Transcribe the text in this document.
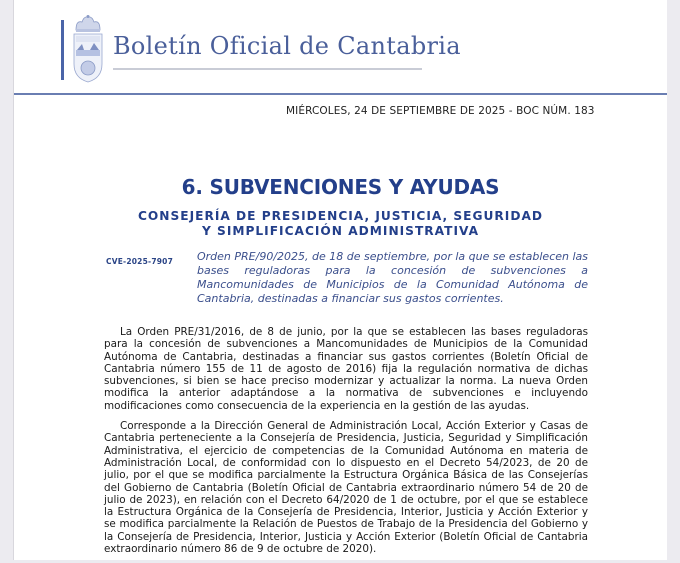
Boletín Oficial de Cantabria
MIÉRCOLES, 24 DE SEPTIEMBRE DE 2025 - BOC NÚM. 183
6. SUBVENCIONES Y AYUDAS
CONSEJERÍA DE PRESIDENCIA, JUSTICIA, SEGURIDAD
Y SIMPLIFICACIÓN ADMINISTRATIVA
CVE-2025-7907 Orden PRE/90/2025, de 18 de septiembre, por la que se establecen las bases reguladoras para la concesión de subvenciones a Mancomunidades de Municipios de la Comunidad Autónoma de Cantabria, destinadas a financiar sus gastos corrientes.

La Orden PRE/31/2016, de 8 de junio, por la que se establecen las bases reguladoras para la concesión de subvenciones a Mancomunidades de Municipios de la Comunidad Autónoma de Cantabria, destinadas a financiar sus gastos corrientes (Boletín Oficial de Cantabria número 155 de 11 de agosto de 2016) fija la regulación normativa de dichas subvenciones, si bien se hace preciso modernizar y actualizar la norma. La nueva Orden modifica la anterior adaptándose a la normativa de subvenciones e incluyendo modificaciones como consecuencia de la experiencia en la gestión de las ayudas.

Corresponde a la Dirección General de Administración Local, Acción Exterior y Casas de Cantabria perteneciente a la Consejería de Presidencia, Justicia, Seguridad y Simplificación Administrativa, el ejercicio de competencias de la Comunidad Autónoma en materia de Administración Local, de conformidad con lo dispuesto en el Decreto 54/2023, de 20 de julio, por el que se modifica parcialmente la Estructura Orgánica Básica de las Consejerías del Gobierno de Cantabria (Boletín Oficial de Cantabria extraordinario número 54 de 20 de julio de 2023), en relación con el Decreto 64/2020 de 1 de octubre, por el que se establece la Estructura Orgánica de la Consejería de Presidencia, Interior, Justicia y Acción Exterior y se modifica parcialmente la Relación de Puestos de Trabajo de la Presidencia del Gobierno y la Consejería de Presidencia, Interior, Justicia y Acción Exterior (Boletín Oficial de Cantabria extraordinario número 86 de 9 de octubre de 2020).
